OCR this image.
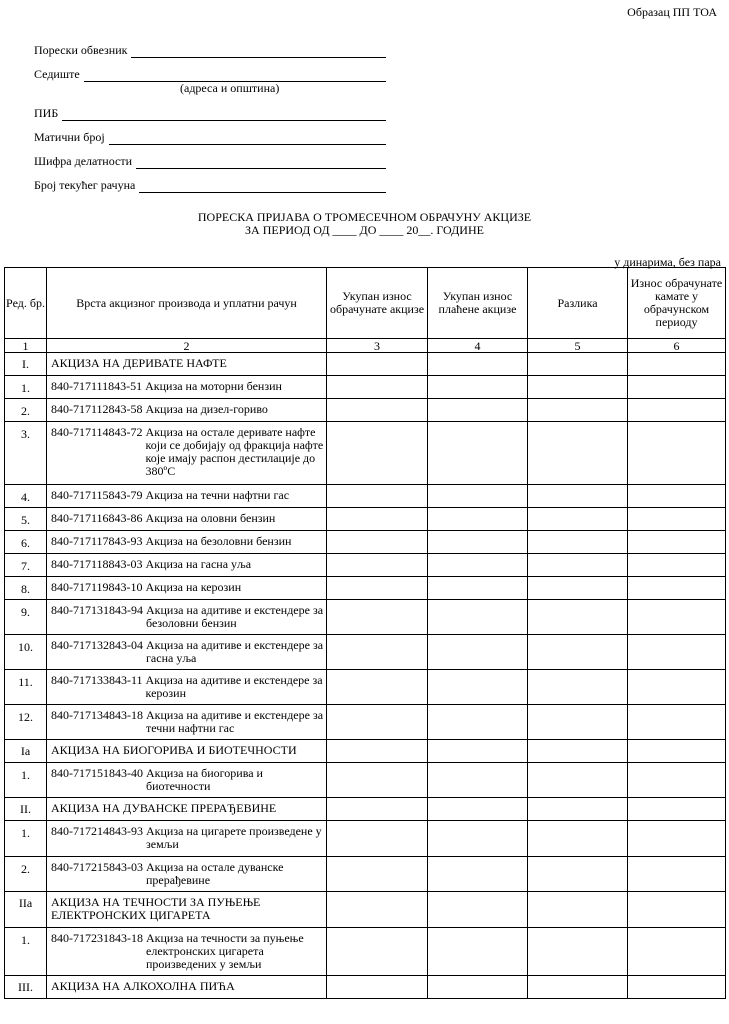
Образац ПП ТОА
Порески обвезник
Седиште
(адреса и општина)
ПИБ
Матични број
Шифра делатности
Број текућег рачуна
ПОРЕСКА ПРИЈАВА О ТРОМЕСЕЧНОМ ОБРАЧУНУ АКЦИЗЕ
ЗА ПЕРИОД ОД ____ ДО ____ 20__. ГОДИНЕ
у динарима, без пара
Ред. бр.	Врста акцизног производа и уплатни рачун	Укупан износ обрачунате акцизе	Укупан износ плаћене акцизе	Разлика	Износ обрачунате камате у обрачунском периоду
1	2	3	4	5	6
I.	АКЦИЗА НА ДЕРИВАТЕ НАФТЕ				
1.	840-717111843-51 Акциза на моторни бензин				

2.	840-717112843-58 Акциза на дизел-гориво				

3.	840-717114843-72 Акциза на остале деривате нафте који се добијају од фракција нафте које имају распон дестилације до 380ºC				

4.	840-717115843-79 Акциза на течни нафтни гас				

5.	840-717116843-86 Акциза на оловни бензин				

6.	840-717117843-93 Акциза на безоловни бензин				

7.	840-717118843-03 Акциза на гасна уља				

8.	840-717119843-10 Акциза на керозин				

9.	840-717131843-94 Акциза на адитиве и екстендере за безоловни бензин				

10.	840-717132843-04 Акциза на адитиве и екстендере за гасна уља				

11.	840-717133843-11 Акциза на адитиве и екстендере за керозин				

12.	840-717134843-18 Акциза на адитиве и екстендере за течни нафтни гас				

Iа	АКЦИЗА НА БИОГОРИВА И БИОТЕЧНОСТИ				
1.	840-717151843-40 Акциза на биогорива и биотечности				

II.	АКЦИЗА НА ДУВАНСКЕ ПРЕРАЂЕВИНЕ				
1.	840-717214843-93 Акциза на цигарете произведене у земљи				

2.	840-717215843-03 Акциза на остале дуванске прерађевине				

IIа	АКЦИЗА НА ТЕЧНОСТИ ЗА ПУЊЕЊЕ ЕЛЕКТРОНСКИХ ЦИГАРЕТА				
1.	840-717231843-18 Акциза на течности за пуњење електронских цигарета произведених у земљи				

III.	АКЦИЗА НА АЛКОХОЛНА ПИЋА				
